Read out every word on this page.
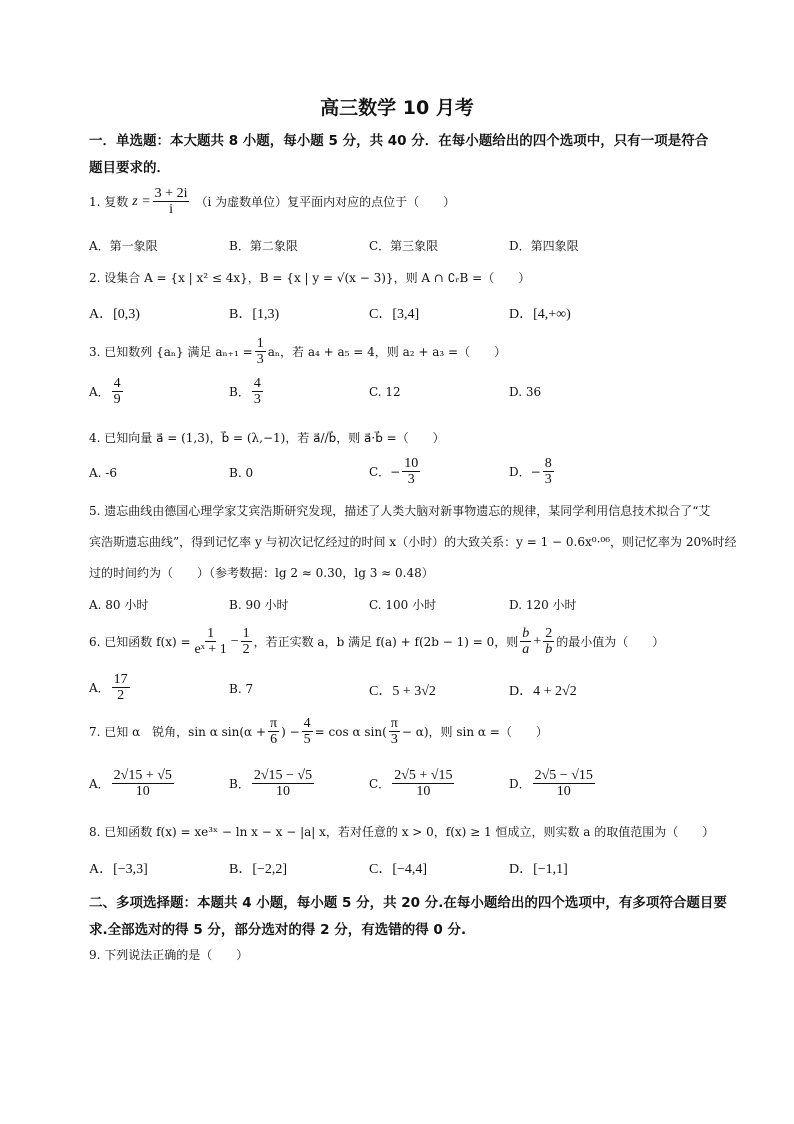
高三数学 10 月考
一．单选题：本大题共 8 小题，每小题 5 分，共 40 分．在每小题给出的四个选项中，只有一项是符合
题目要求的．
1. 复数 $z = \frac{3 + 2i}{i} (i$ 为虚数单位）复平面内对应的点位于（　　）
A．第一象限	B．第二象限	C．第三象限	D．第四象限
2. 设集合 A = {x | x² ≤ 4x}，B = {x | y = √(x − 3)}，则 A ∩ ∁ᵣB =（　　）
A．[0,3)	B．[1,3)	C．[3,4]	D．[4,+∞)
3. 已知数列 {aₙ} 满足 $a_{n+1} = \frac{1}{3}$ aₙ，若 a₄ + a₅ = 4，则 a₂ + a₃ =（　　）
A． $\frac{4}{9}$	B． $\frac{4}{3}$	C. 12	D. 36
4. 已知向量 a⃗ = (1,3)，b⃗ = (λ,−1)，若 a⃗//b⃗，则 a⃗·b⃗ =（　　）
A. -6	B. 0	C．− $\frac{10}{3}$	D．− $\frac{8}{3}$
5. 遗忘曲线由德国心理学家艾宾浩斯研究发现，描述了人类大脑对新事物遗忘的规律，某同学利用信息技术拟合了“艾
宾浩斯遗忘曲线”，得到记忆率 y 与初次记忆经过的时间 x（小时）的大致关系：y = 1 − 0.6x⁰·⁰⁶，则记忆率为 20%时经
过的时间约为（　　）（参考数据：lg 2 ≈ 0.30，lg 3 ≈ 0.48）
A. 80 小时	B. 90 小时	C. 100 小时	D. 120 小时
6. 已知函数 $f(x) = \frac{1}{\text{eˣ + 1}} - \frac{1}{2}$ ，若正实数 a，b 满足 f(a) + f(2b − 1) = 0，则 $\frac{b}{a} + \frac{2}{b}$ 的最小值为（　　）
A． $\frac{17}{2}$	B. 7	C．5 + 3√2	D．4 + 2√2
7. 已知 α　锐角，sin α $\sin(\alpha + \frac{\pi}{6}$ ) − $\frac{4}{5} = \cos \alpha$ $\sin( \frac{\pi}{3} - \alpha)$，则 sin α =（　　）
A． $\frac{2√15 + √5}{10}$	B． $\frac{2√15 - √5}{10}$	C． $\frac{2√5 + √15}{10}$	D． $\frac{2√5 - √15}{10}$
8. 已知函数 f(x) = xe³ˣ − ln x − x − |a| x，若对任意的 x > 0，f(x) ≥ 1 恒成立，则实数 a 的取值范围为（　　）
A．[−3,3]	B．[−2,2]	C．[−4,4]	D．[−1,1]
二、多项选择题：本题共 4 小题，每小题 5 分，共 20 分.在每小题给出的四个选项中，有多项符合题目要
求.全部选对的得 5 分，部分选对的得 2 分，有选错的得 0 分.
9. 下列说法正确的是（　　）
